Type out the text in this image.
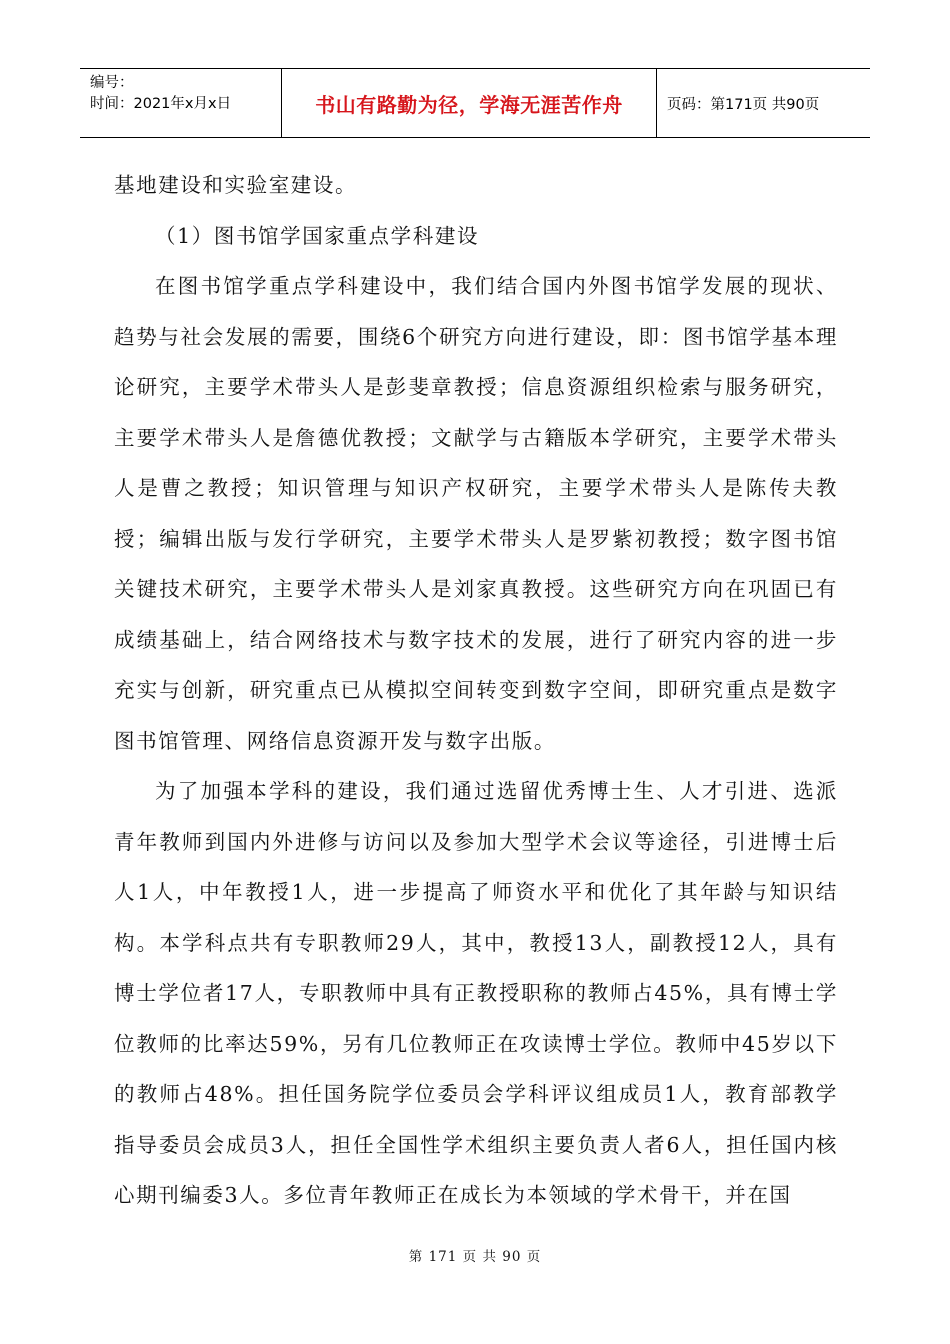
编号：
时间：2021年x月x日	书山有路勤为径，学海无涯苦作舟	页码：第171页 共90页

基地建设和实验室建设。

（1）图书馆学国家重点学科建设

在图书馆学重点学科建设中，我们结合国内外图书馆学发展的现状、趋势与社会发展的需要，围绕6个研究方向进行建设，即：图书馆学基本理论研究，主要学术带头人是彭斐章教授；信息资源组织检索与服务研究，主要学术带头人是詹德优教授；文献学与古籍版本学研究，主要学术带头人是曹之教授；知识管理与知识产权研究，主要学术带头人是陈传夫教授；编辑出版与发行学研究，主要学术带头人是罗紫初教授；数字图书馆关键技术研究，主要学术带头人是刘家真教授。这些研究方向在巩固已有成绩基础上，结合网络技术与数字技术的发展，进行了研究内容的进一步充实与创新，研究重点已从模拟空间转变到数字空间，即研究重点是数字图书馆管理、网络信息资源开发与数字出版。

为了加强本学科的建设，我们通过选留优秀博士生、人才引进、选派青年教师到国内外进修与访问以及参加大型学术会议等途径，引进博士后人1人，中年教授1人，进一步提高了师资水平和优化了其年龄与知识结构。本学科点共有专职教师29人，其中，教授13人，副教授12人，具有博士学位者17人，专职教师中具有正教授职称的教师占45%，具有博士学位教师的比率达59%，另有几位教师正在攻读博士学位。教师中45岁以下的教师占48%。担任国务院学位委员会学科评议组成员1人，教育部教学指导委员会成员3人，担任全国性学术组织主要负责人者6人，担任国内核心期刊编委3人。多位青年教师正在成长为本领域的学术骨干，并在国

第 171 页 共 90 页
